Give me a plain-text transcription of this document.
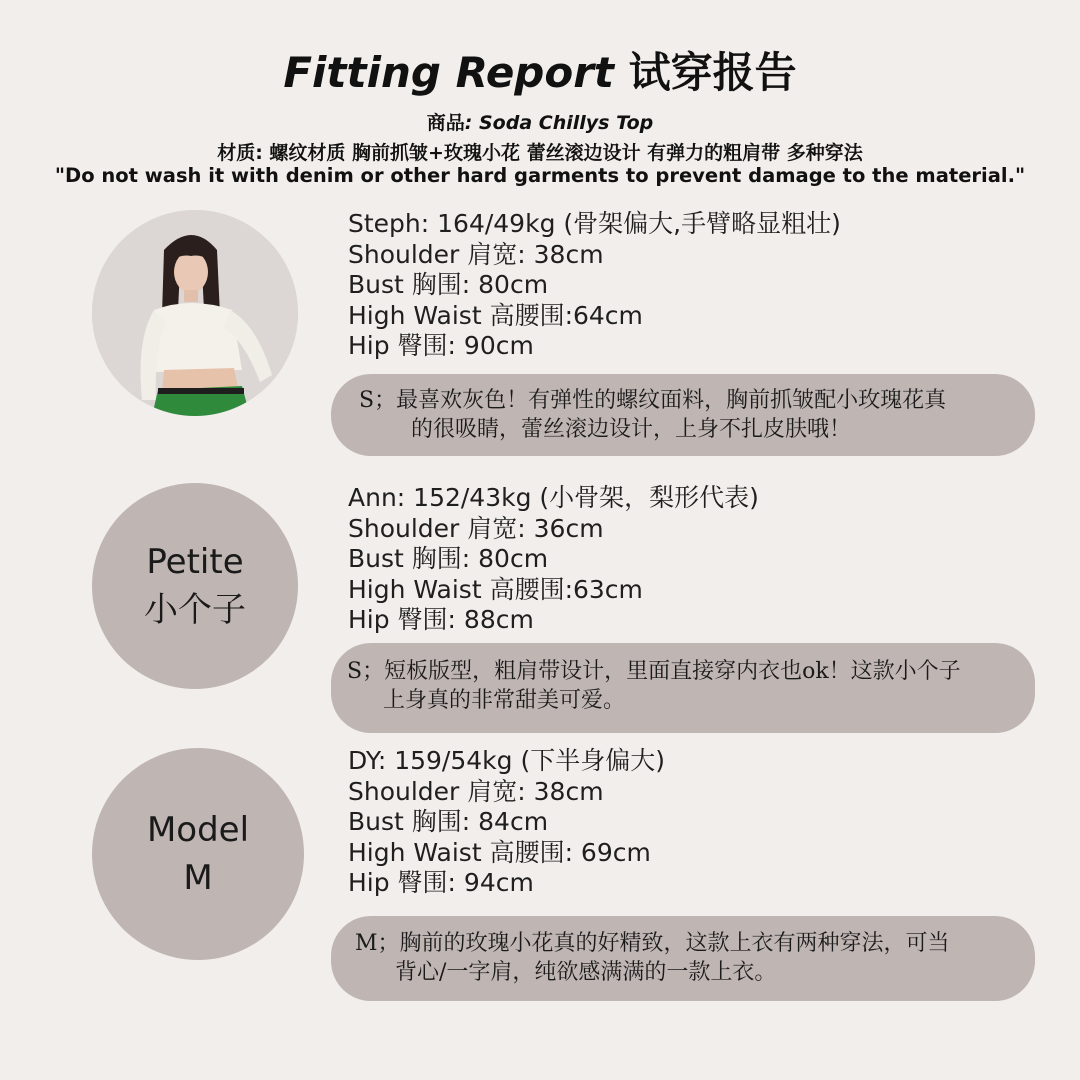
Fitting Report 试穿报告
商品: Soda Chillys Top
材质: 螺纹材质 胸前抓皱+玫瑰小花 蕾丝滚边设计 有弹力的粗肩带 多种穿法
"Do not wash it with denim or other hard garments to prevent damage to the material."
Steph: 164/49kg (骨架偏大,手臂略显粗壮)
Shoulder 肩宽: 38cm
Bust 胸围: 80cm
High Waist 高腰围:64cm
Hip 臀围: 90cm
S；最喜欢灰色！有弹性的螺纹面料，胸前抓皱配小玫瑰花真
的很吸睛，蕾丝滚边设计，上身不扎皮肤哦！
Petite
小个子
Ann: 152/43kg (小骨架，梨形代表)
Shoulder 肩宽: 36cm
Bust 胸围: 80cm
High Waist 高腰围:63cm
Hip 臀围: 88cm
S；短板版型，粗肩带设计，里面直接穿内衣也ok！这款小个子
上身真的非常甜美可爱。
Model
M
DY: 159/54kg (下半身偏大)
Shoulder 肩宽: 38cm
Bust 胸围: 84cm
High Waist 高腰围: 69cm
Hip 臀围: 94cm
M；胸前的玫瑰小花真的好精致，这款上衣有两种穿法，可当
背心/一字肩，纯欲感满满的一款上衣。
